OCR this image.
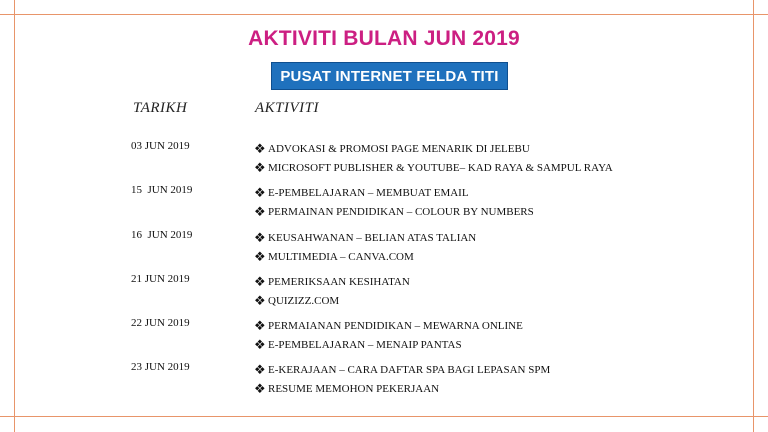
AKTIVITI BULAN JUN 2019
PUSAT INTERNET FELDA TITI
TARIKH	AKTIVITI
03 JUN 2019	❖ ADVOKASI & PROMOSI PAGE MENARIK DI JELEBU
❖ MICROSOFT PUBLISHER & YOUTUBE– KAD RAYA & SAMPUL RAYA
15  JUN 2019	❖ E-PEMBELAJARAN – MEMBUAT EMAIL
❖ PERMAINAN PENDIDIKAN – COLOUR BY NUMBERS
16  JUN 2019	❖ KEUSAHWANAN – BELIAN ATAS TALIAN
❖ MULTIMEDIA – CANVA.COM
21 JUN 2019	❖ PEMERIKSAAN KESIHATAN
❖ QUIZIZZ.COM
22 JUN 2019	❖ PERMAIANAN PENDIDIKAN – MEWARNA ONLINE
❖ E-PEMBELAJARAN – MENAIP PANTAS
23 JUN 2019	❖ E-KERAJAAN – CARA DAFTAR SPA BAGI LEPASAN SPM
❖ RESUME MEMOHON PEKERJAAN
